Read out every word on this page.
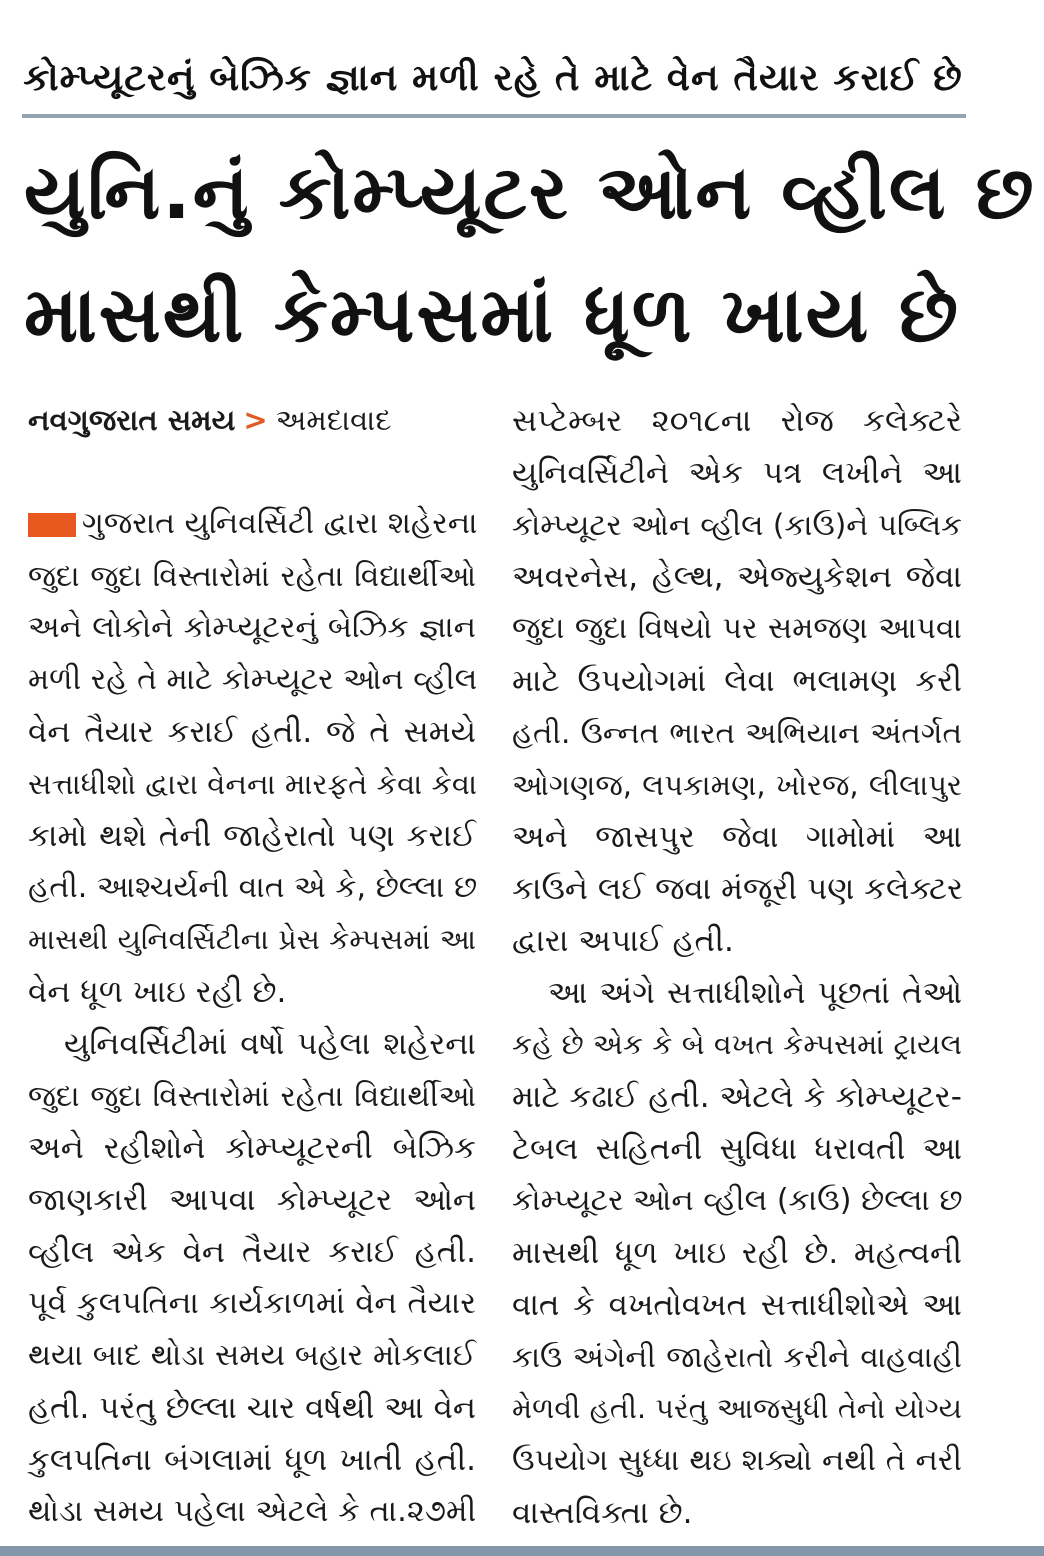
કોમ્પ્યૂટરનું બેઝિક જ્ઞાન મળી રહે તે માટે વેન તૈયાર કરાઈ છે
યુનિ.નું કોમ્પ્યૂટર ઓન વ્હીલ છ
માસથી કેમ્પસમાં ધૂળ ખાય છે
નવગુજરાત સમય > અમદાવાદ
ગુજરાત યુનિવર્સિટી દ્વારા શહેરના
જુદા જુદા વિસ્તારોમાં રહેતા વિદ્યાર્થીઓ
અને લોકોને કોમ્પ્યૂટરનું બેઝિક જ્ઞાન
મળી રહે તે માટે કોમ્પ્યૂટર ઓન વ્હીલ
વેન તૈયાર કરાઈ હતી. જે તે સમયે
સત્તાધીશો દ્વારા વેનના મારફતે કેવા કેવા
કામો થશે તેની જાહેરાતો પણ કરાઈ
હતી. આશ્ચર્યની વાત એ કે, છેલ્લા છ
માસથી યુનિવર્સિટીના પ્રેસ કેમ્પસમાં આ
વેન ધૂળ ખાઇ રહી છે.
યુનિવર્સિટીમાં વર્ષો પહેલા શહેરના
જુદા જુદા વિસ્તારોમાં રહેતા વિદ્યાર્થીઓ
અને રહીશોને કોમ્પ્યૂટરની બેઝિક
જાણકારી આપવા કોમ્પ્યૂટર ઓન
વ્હીલ એક વેન તૈયાર કરાઈ હતી.
પૂર્વ કુલપતિના કાર્યકાળમાં વેન તૈયાર
થયા બાદ થોડા સમય બહાર મોકલાઈ
હતી. પરંતુ છેલ્લા ચાર વર્ષથી આ વેન
કુલપતિના બંગલામાં ધૂળ ખાતી હતી.
થોડા સમય પહેલા એટલે કે તા.૨૭મી
સપ્ટેમ્બર ૨૦૧૮ના રોજ કલેક્ટરે
યુનિવર્સિટીને એક પત્ર લખીને આ
કોમ્પ્યૂટર ઓન વ્હીલ (કાઉ)ને પબ્લિક
અવરનેસ, હેલ્થ, એજ્યુકેશન જેવા
જુદા જુદા વિષયો પર સમજણ આપવા
માટે ઉપયોગમાં લેવા ભલામણ કરી
હતી. ઉન્નત ભારત અભિયાન અંતર્ગત
ઓગણજ, લપકામણ, ખોરજ, લીલાપુર
અને જાસપુર જેવા ગામોમાં આ
કાઉને લઈ જવા મંજૂરી પણ કલેક્ટર
દ્વારા અપાઈ હતી.
આ અંગે સત્તાધીશોને પૂછતાં તેઓ
કહે છે એક કે બે વખત કેમ્પસમાં ટ્રાયલ
માટે કઢાઈ હતી. એટલે કે કોમ્પ્યૂટર-
ટેબલ સહિતની સુવિધા ધરાવતી આ
કોમ્પ્યૂટર ઓન વ્હીલ (કાઉ) છેલ્લા છ
માસથી ધૂળ ખાઇ રહી છે. મહત્વની
વાત કે વખતોવખત સત્તાધીશોએ આ
કાઉ અંગેની જાહેરાતો કરીને વાહવાહી
મેળવી હતી. પરંતુ આજસુધી તેનો યોગ્ય
ઉપયોગ સુધ્ધા થઇ શક્યો નથી તે નરી
વાસ્તવિક્તા છે.
